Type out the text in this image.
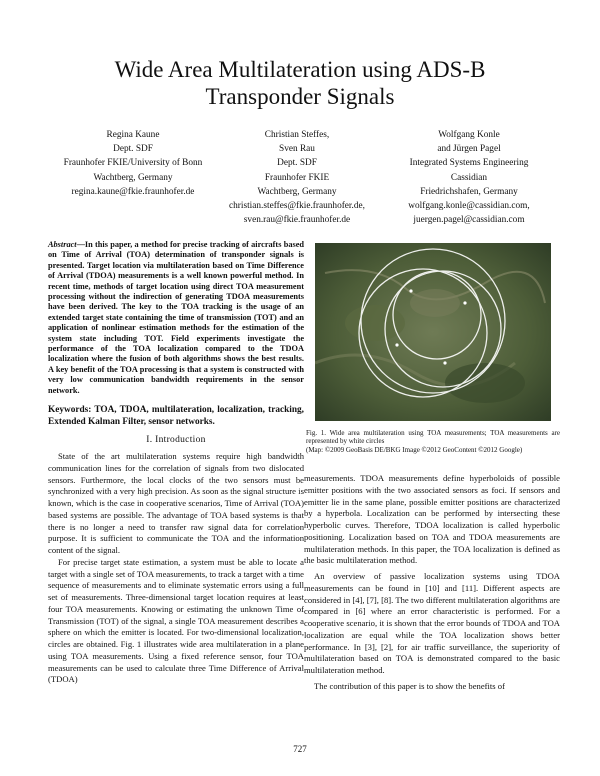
Wide Area Multilateration using ADS-B
Transponder Signals
Regina Kaune
Dept. SDF
Fraunhofer FKIE/University of Bonn
Wachtberg, Germany
regina.kaune@fkie.fraunhofer.de
Christian Steffes,
Sven Rau
Dept. SDF
Fraunhofer FKIE
Wachtberg, Germany
christian.steffes@fkie.fraunhofer.de,
sven.rau@fkie.fraunhofer.de
Wolfgang Konle
and Jürgen Pagel
Integrated Systems Engineering
Cassidian
Friedrichshafen, Germany
wolfgang.konle@cassidian.com,
juergen.pagel@cassidian.com
Abstract—In this paper, a method for precise tracking of aircrafts based on Time of Arrival (TOA) determination of transponder signals is presented. Target location via multilateration based on Time Difference of Arrival (TDOA) measurements is a well known powerful method. In recent time, methods of target location using direct TOA measurement processing without the indirection of generating TDOA measurements have been derived. The key to the TOA tracking is the usage of an extended target state containing the time of transmission (TOT) and an application of nonlinear estimation methods for the estimation of the system state including TOT. Field experiments investigate the performance of the TOA localization compared to the TDOA localization where the fusion of both algorithms shows the best results. A key benefit of the TOA processing is that a system is constructed with very low communication bandwidth requirements in the sensor network.
Keywords: TOA, TDOA, multilateration, localization, tracking, Extended Kalman Filter, sensor networks.
I. Introduction

State of the art multilateration systems require high bandwidth communication lines for the correlation of signals from two dislocated sensors. Furthermore, the local clocks of the two sensors must be synchronized with a very high precision. As soon as the signal structure is known, which is the case in cooperative scenarios, Time of Arrival (TOA) based systems are possible. The advantage of TOA based systems is that there is no longer a need to transfer raw signal data for correlation purpose. It is sufficient to communicate the TOA and the information content of the signal.

For precise target state estimation, a system must be able to locate a target with a single set of TOA measurements, to track a target with a time sequence of measurements and to eliminate systematic errors using a full set of measurements. Three-dimensional target location requires at least four TOA measurements. Knowing or estimating the unknown Time of Transmission (TOT) of the signal, a single TOA measurement describes a sphere on which the emitter is located. For two-dimensional localization, circles are obtained. Fig. 1 illustrates wide area multilateration in a plane using TOA measurements. Using a fixed reference sensor, four TOA measurements can be used to calculate three Time Difference of Arrival (TDOA)

Fig. 1. Wide area multilateration using TOA measurements; TOA measurements are represented by white circles
(Map: ©2009 GeoBasis DE/BKG Image ©2012 GeoContent ©2012 Google)

measurements. TDOA measurements define hyperboloids of possible emitter positions with the two associated sensors as foci. If sensors and emitter lie in the same plane, possible emitter positions are characterized by a hyperbola. Localization can be performed by intersecting these hyperbolic curves. Therefore, TDOA localization is called hyperbolic positioning. Localization based on TOA and TDOA measurements are multilateration methods. In this paper, the TOA localization is defined as the basic multilateration method.

An overview of passive localization systems using TDOA measurements can be found in [10] and [11]. Different aspects are considered in [4], [7], [8]. The two different multilateration algorithms are compared in [6] where an error characteristic is performed. For a cooperative scenario, it is shown that the error bounds of TDOA and TOA localization are equal while the TOA localization shows better performance. In [3], [2], for air traffic surveillance, the superiority of multilateration based on TOA is demonstrated compared to the basic multilateration method.

The contribution of this paper is to show the benefits of

727
